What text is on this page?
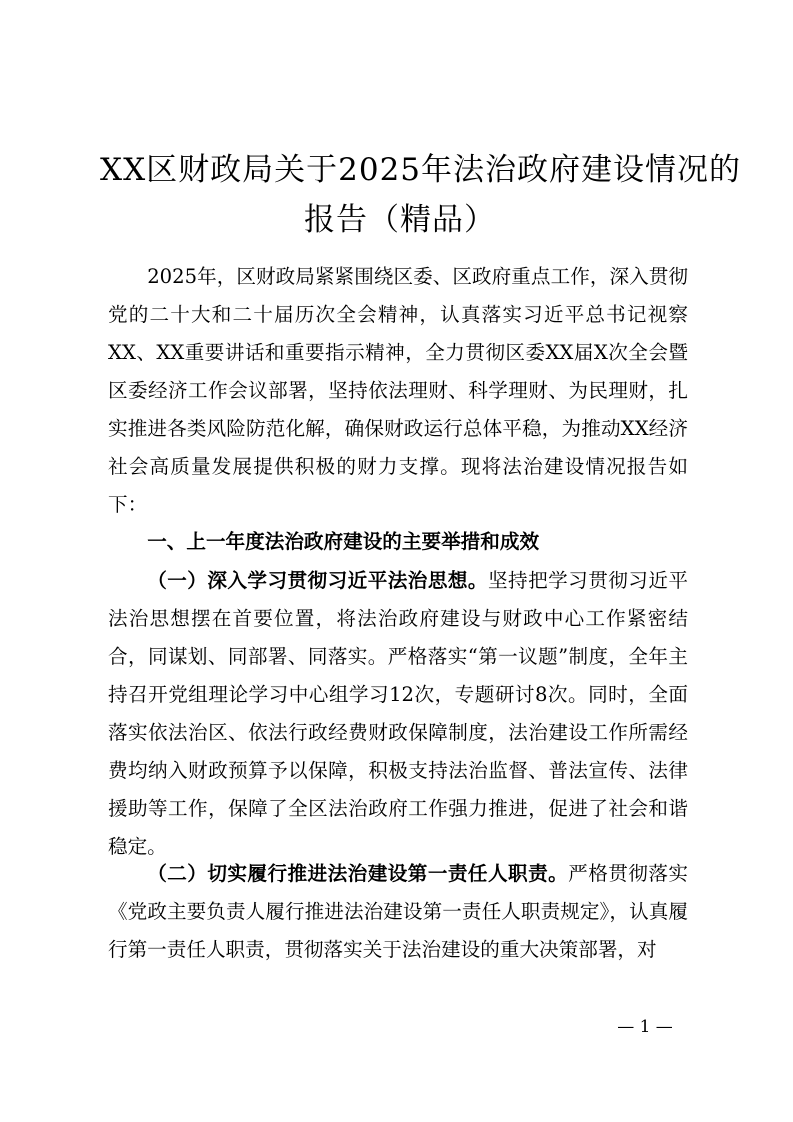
XX区财政局关于2025年法治政府建设情况的
报告（精品）

2025年，区财政局紧紧围绕区委、区政府重点工作，深入贯彻党的二十大和二十届历次全会精神，认真落实习近平总书记视察XX、XX重要讲话和重要指示精神，全力贯彻区委XX届X次全会暨区委经济工作会议部署，坚持依法理财、科学理财、为民理财，扎实推进各类风险防范化解，确保财政运行总体平稳，为推动XX经济社会高质量发展提供积极的财力支撑。现将法治建设情况报告如下：

一、上一年度法治政府建设的主要举措和成效

（一）深入学习贯彻习近平法治思想。坚持把学习贯彻习近平法治思想摆在首要位置，将法治政府建设与财政中心工作紧密结合，同谋划、同部署、同落实。严格落实“第一议题”制度，全年主持召开党组理论学习中心组学习12次，专题研讨8次。同时，全面落实依法治区、依法行政经费财政保障制度，法治建设工作所需经费均纳入财政预算予以保障，积极支持法治监督、普法宣传、法律援助等工作，保障了全区法治政府工作强力推进，促进了社会和谐稳定。

（二）切实履行推进法治建设第一责任人职责。严格贯彻落实《党政主要负责人履行推进法治建设第一责任人职责规定》，认真履行第一责任人职责，贯彻落实关于法治建设的重大决策部署，对

— 1 —
